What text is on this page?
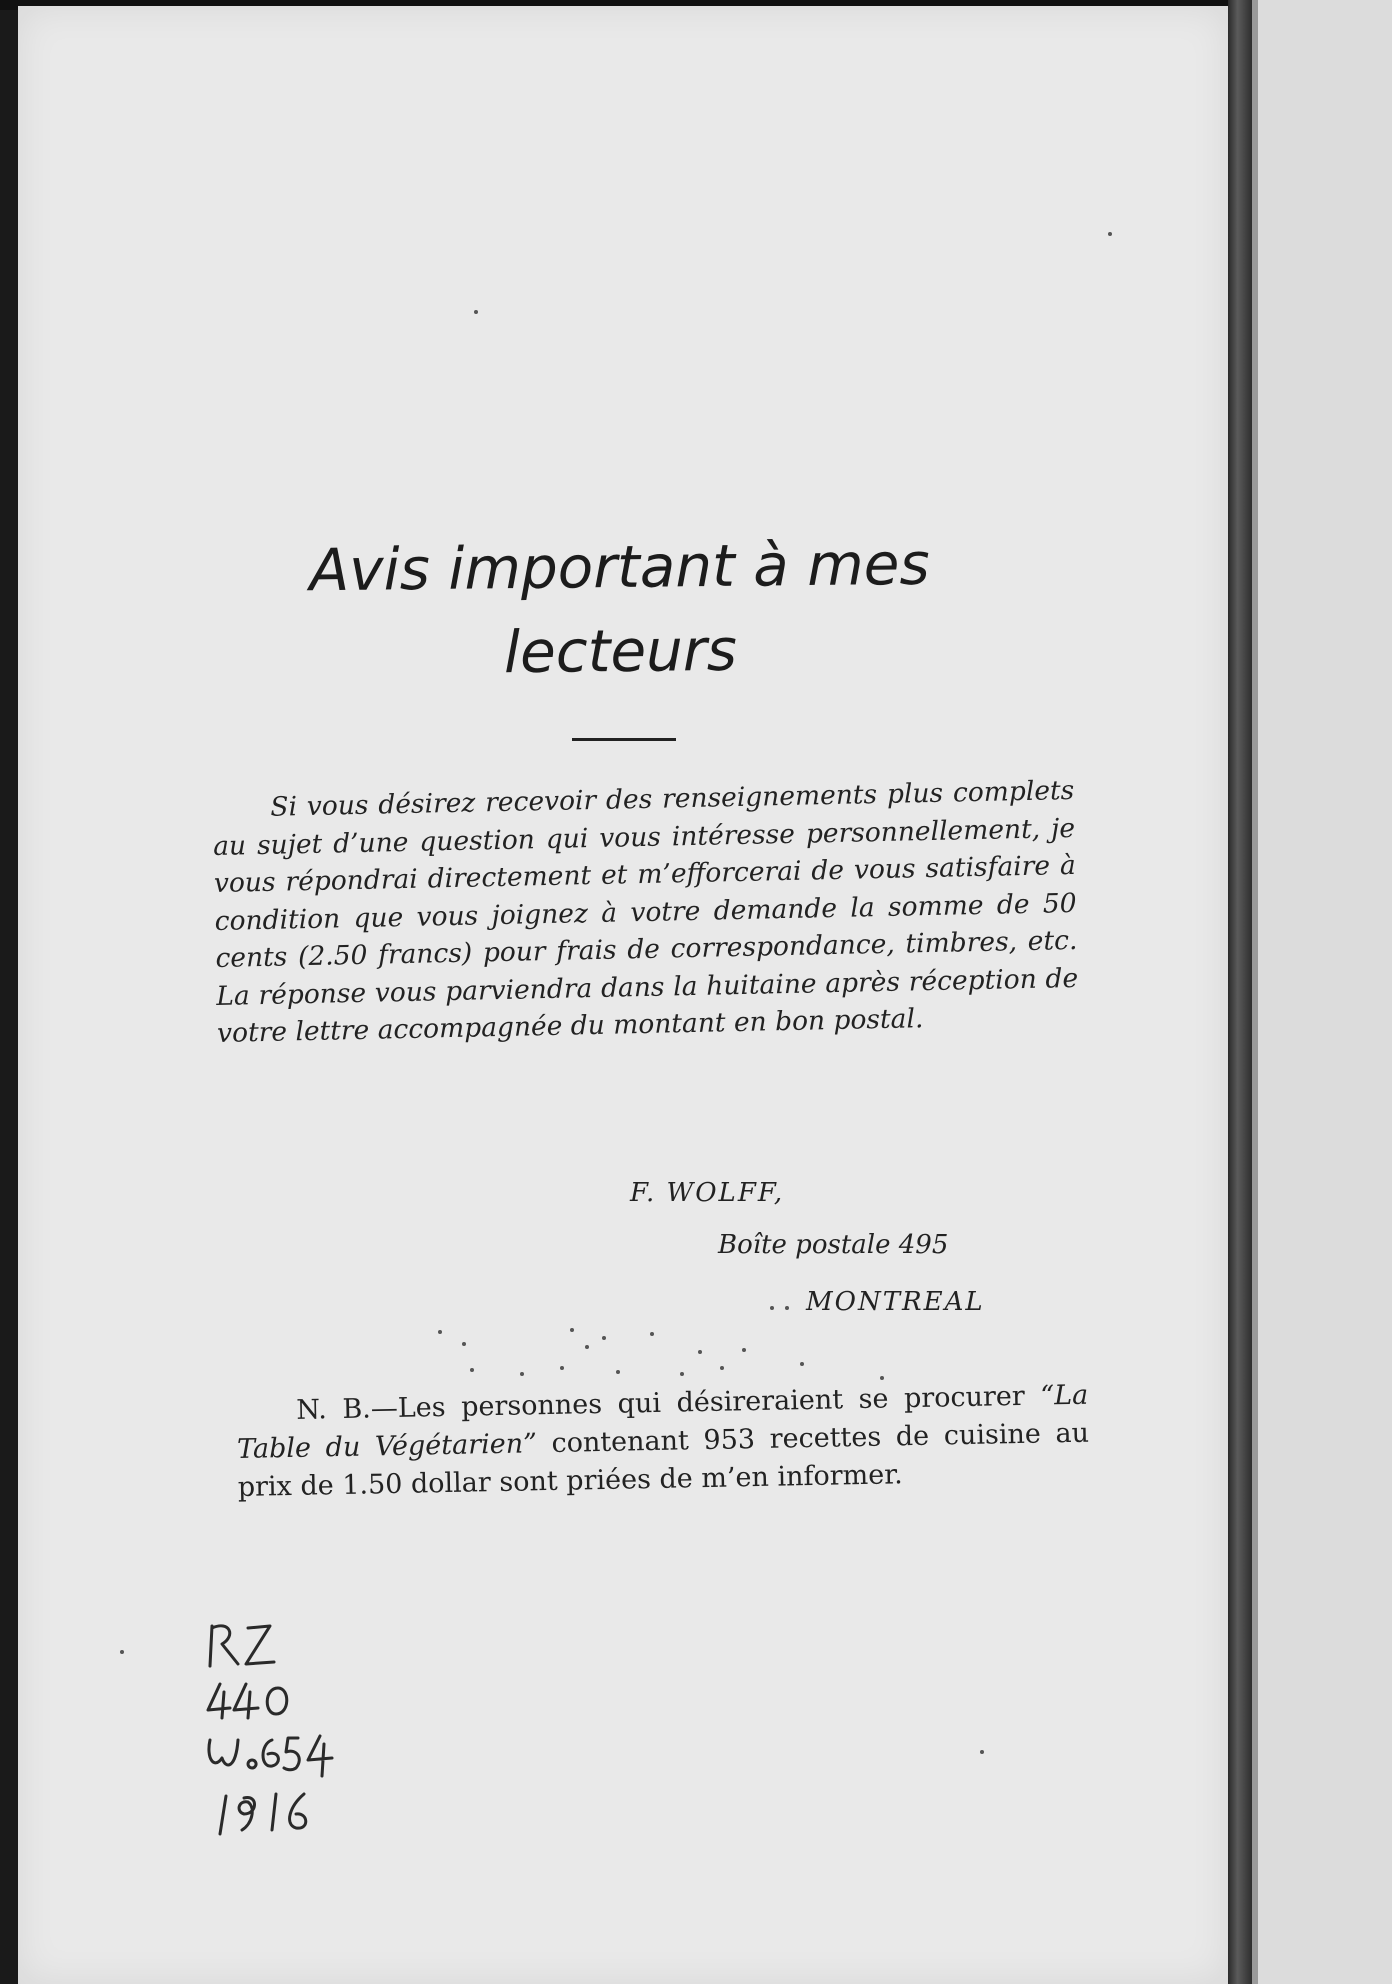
Avis important à mes lecteurs

Si vous désirez recevoir des renseignements plus complets au sujet d’une question qui vous intéresse personnellement, je vous répondrai directement et m’efforcerai de vous satisfaire à condition que vous joignez à votre demande la somme de 50 cents (2.50 francs) pour frais de correspondance, timbres, etc. La réponse vous parviendra dans la huitaine après réception de votre lettre accompagnée du montant en bon postal.

F. WOLFF,

Boîte postale 495

MONTREAL

N. B.—Les personnes qui désireraient se procurer “La Table du Végétarien” contenant 953 recettes de cuisine au prix de 1.50 dollar sont priées de m’en informer.
